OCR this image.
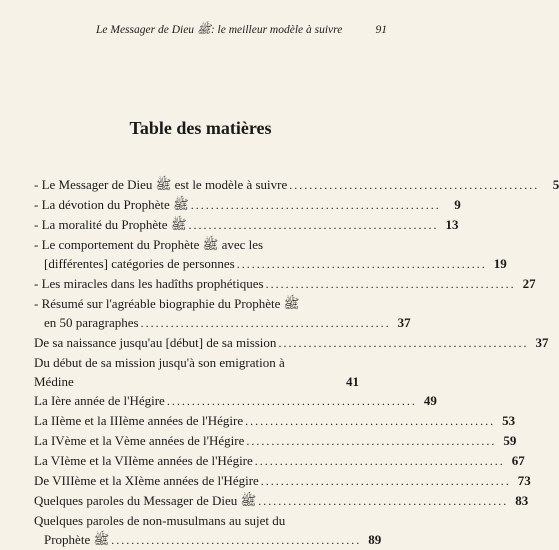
Le Messager de Dieu ﷺ: le meilleur modèle à suivre	91
Table des matières
- Le Messager de Dieu ﷺ est le modèle à suivre ..................................................	5
- La dévotion du Prophète ﷺ ..................................................	9
- La moralité du Prophète ﷺ .................................................. 13
- Le comportement du Prophète ﷺ avec les
[différentes] catégories de personnes .................................................. 19
- Les miracles dans les hadîths prophétiques .................................................. 27
- Résumé sur l'agréable biographie du Prophète ﷺ
en 50 paragraphes .................................................. 37
De sa naissance jusqu'au [début] de sa mission .................................................. 37
Du début de sa mission jusqu'à son emigration à
Médine	41
La Ière année de l'Hégire .................................................. 49
La IIème et la IIIème années de l'Hégire .................................................. 53
La IVème et la Vème années de l'Hégire .................................................. 59
La VIème et la VIIème années de l'Hégire .................................................. 67
De VIIIème et la XIème années de l'Hégire .................................................. 73
Quelques paroles du Messager de Dieu ﷺ .................................................. 83
Quelques paroles de non-musulmans au sujet du
Prophète ﷺ .................................................. 89
